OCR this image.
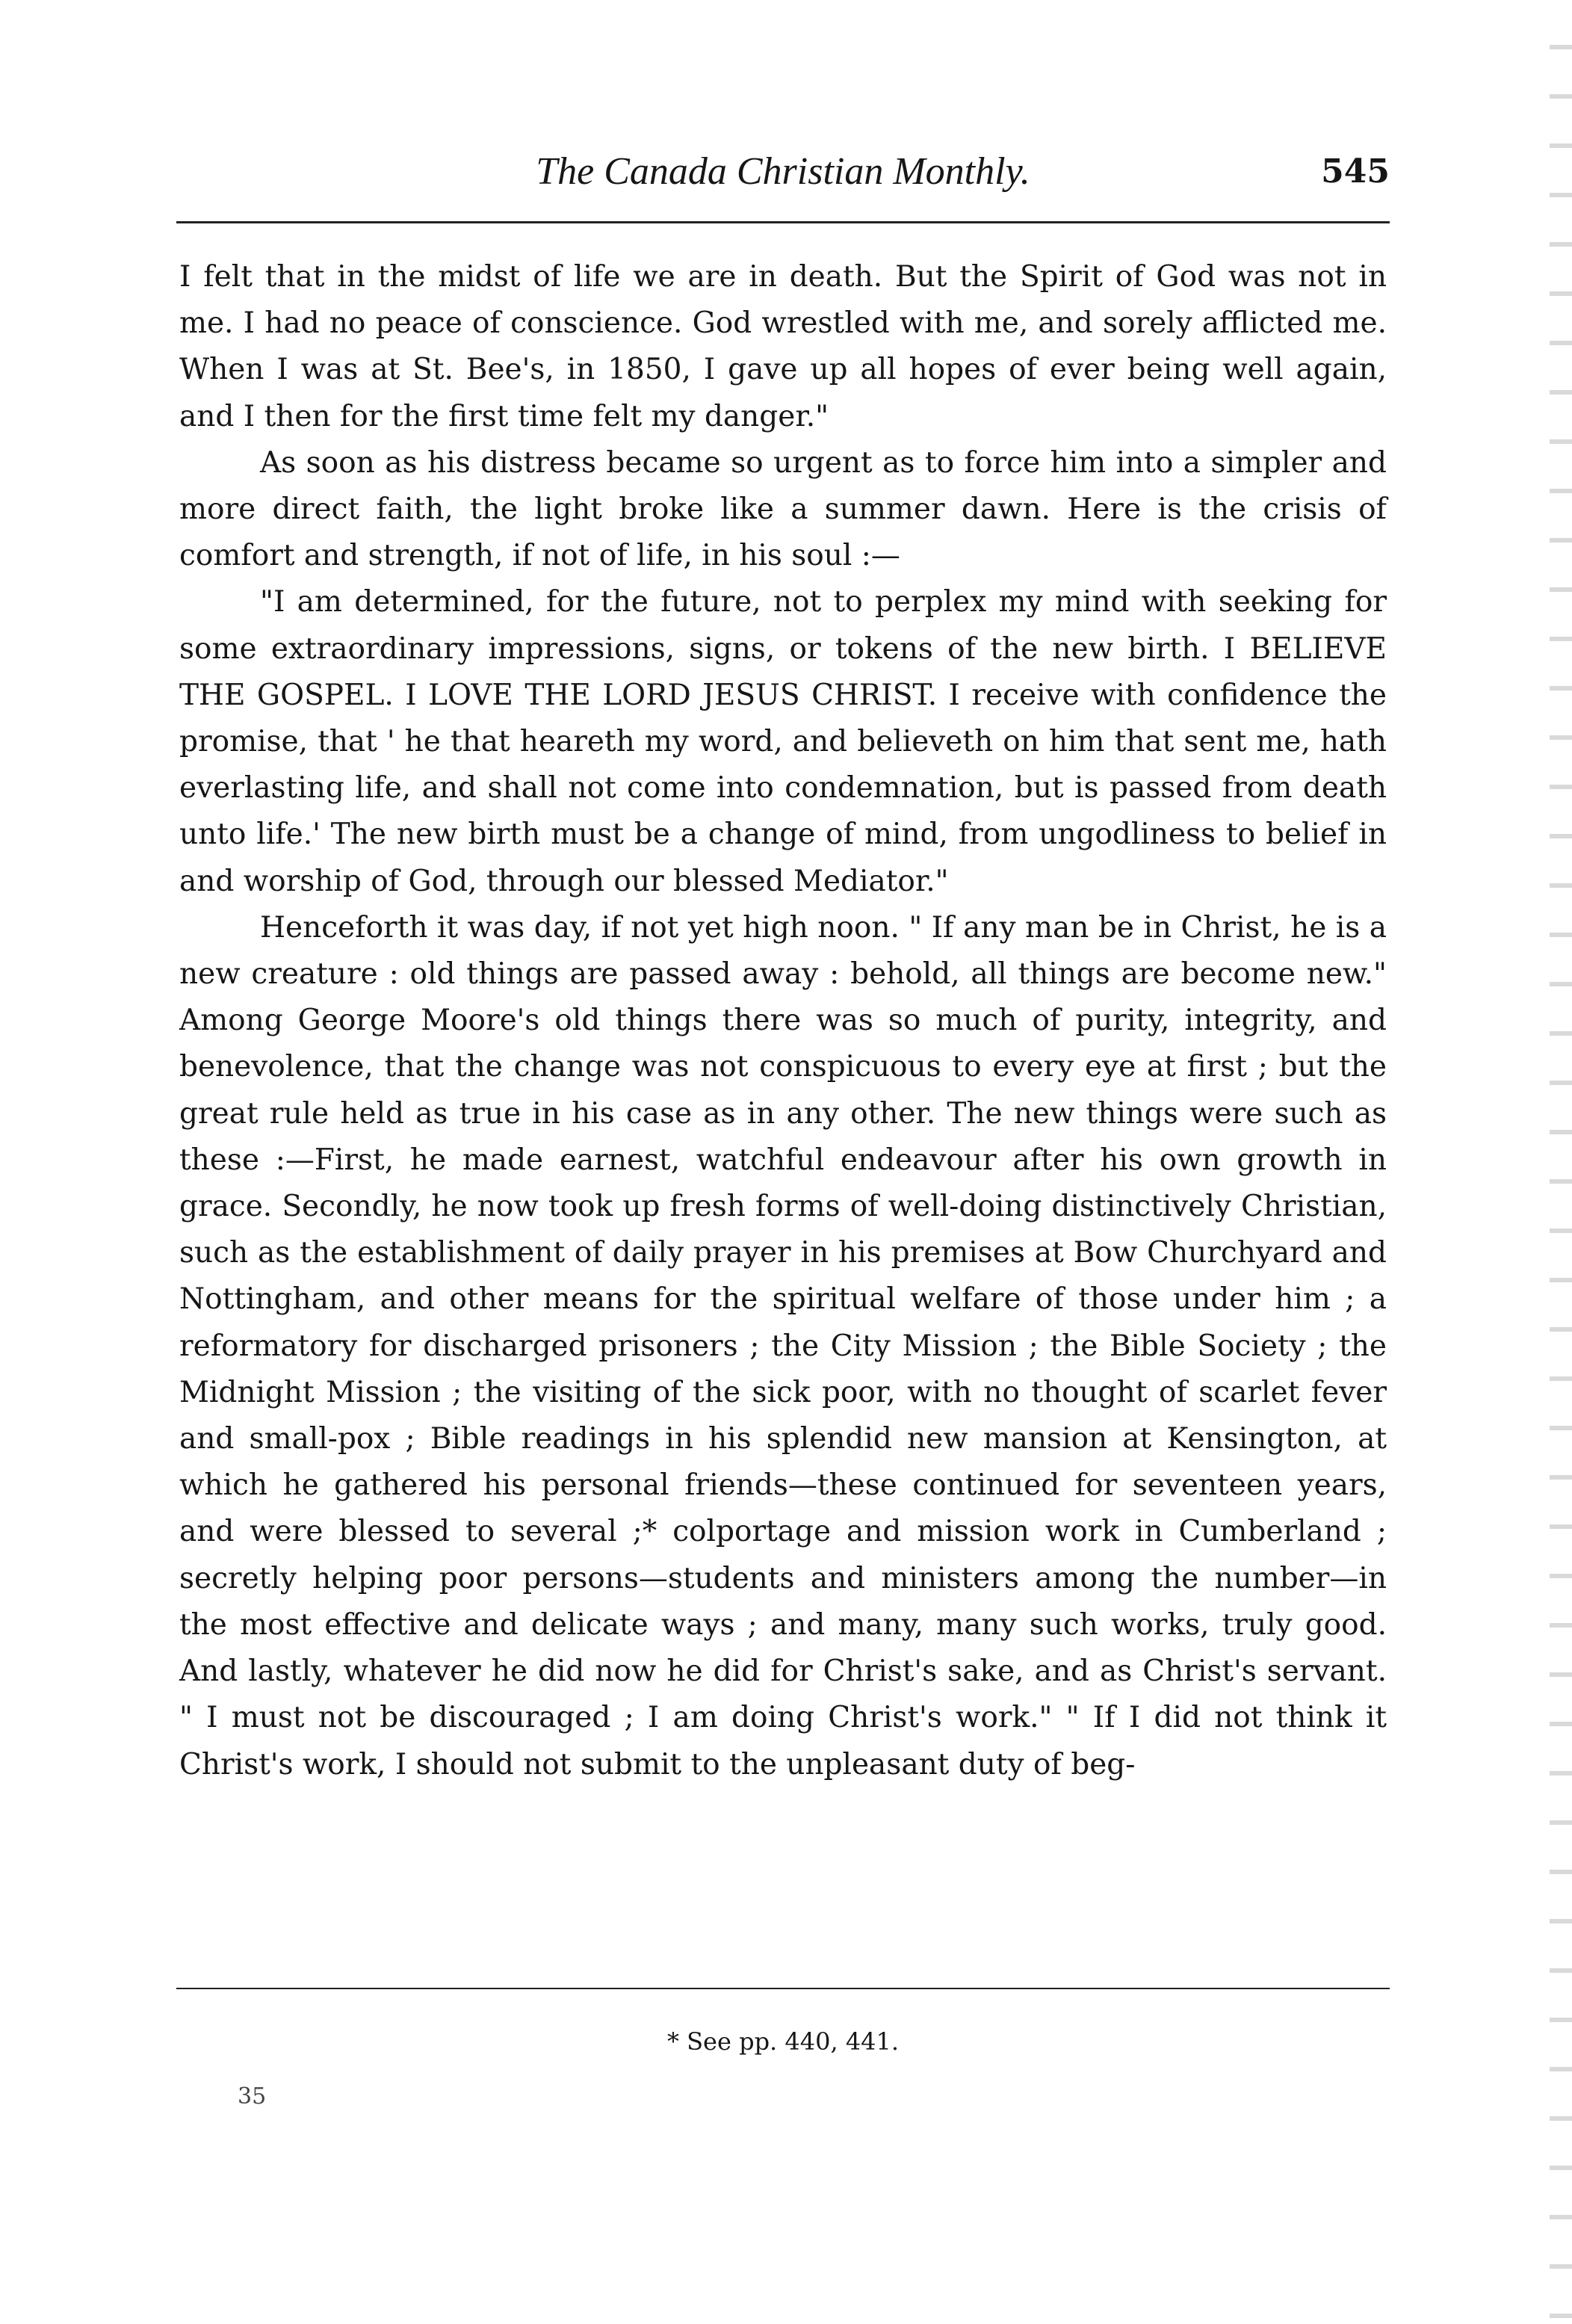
The Canada Christian Monthly.	545

I felt that in the midst of life we are in death. But the Spirit of God was not in me. I had no peace of conscience. God wrestled with me, and sorely afflicted me. When I was at St. Bee's, in 1850, I gave up all hopes of ever being well again, and I then for the first time felt my danger."

As soon as his distress became so urgent as to force him into a simpler and more direct faith, the light broke like a summer dawn. Here is the crisis of comfort and strength, if not of life, in his soul :—

"I am determined, for the future, not to perplex my mind with seeking for some extraordinary impressions, signs, or tokens of the new birth. I BELIEVE THE GOSPEL. I LOVE THE LORD JESUS CHRIST. I receive with confidence the promise, that ' he that heareth my word, and believeth on him that sent me, hath everlasting life, and shall not come into condemnation, but is passed from death unto life.' The new birth must be a change of mind, from ungodliness to belief in and worship of God, through our blessed Mediator."

Henceforth it was day, if not yet high noon. " If any man be in Christ, he is a new creature : old things are passed away : behold, all things are become new." Among George Moore's old things there was so much of purity, integrity, and benevolence, that the change was not conspicuous to every eye at first ; but the great rule held as true in his case as in any other. The new things were such as these :—First, he made earnest, watchful endeavour after his own growth in grace. Secondly, he now took up fresh forms of well-doing distinctively Christian, such as the establishment of daily prayer in his premises at Bow Churchyard and Nottingham, and other means for the spiritual welfare of those under him ; a reformatory for discharged prisoners ; the City Mission ; the Bible Society ; the Midnight Mission ; the visiting of the sick poor, with no thought of scarlet fever and small-pox ; Bible readings in his splendid new mansion at Kensington, at which he gathered his personal friends—these continued for seventeen years, and were blessed to several ;* colportage and mission work in Cumberland ; secretly helping poor persons—students and ministers among the number—in the most effective and delicate ways ; and many, many such works, truly good. And lastly, whatever he did now he did for Christ's sake, and as Christ's servant. " I must not be discouraged ; I am doing Christ's work." " If I did not think it Christ's work, I should not submit to the unpleasant duty of beg-

* See pp. 440, 441.
35
